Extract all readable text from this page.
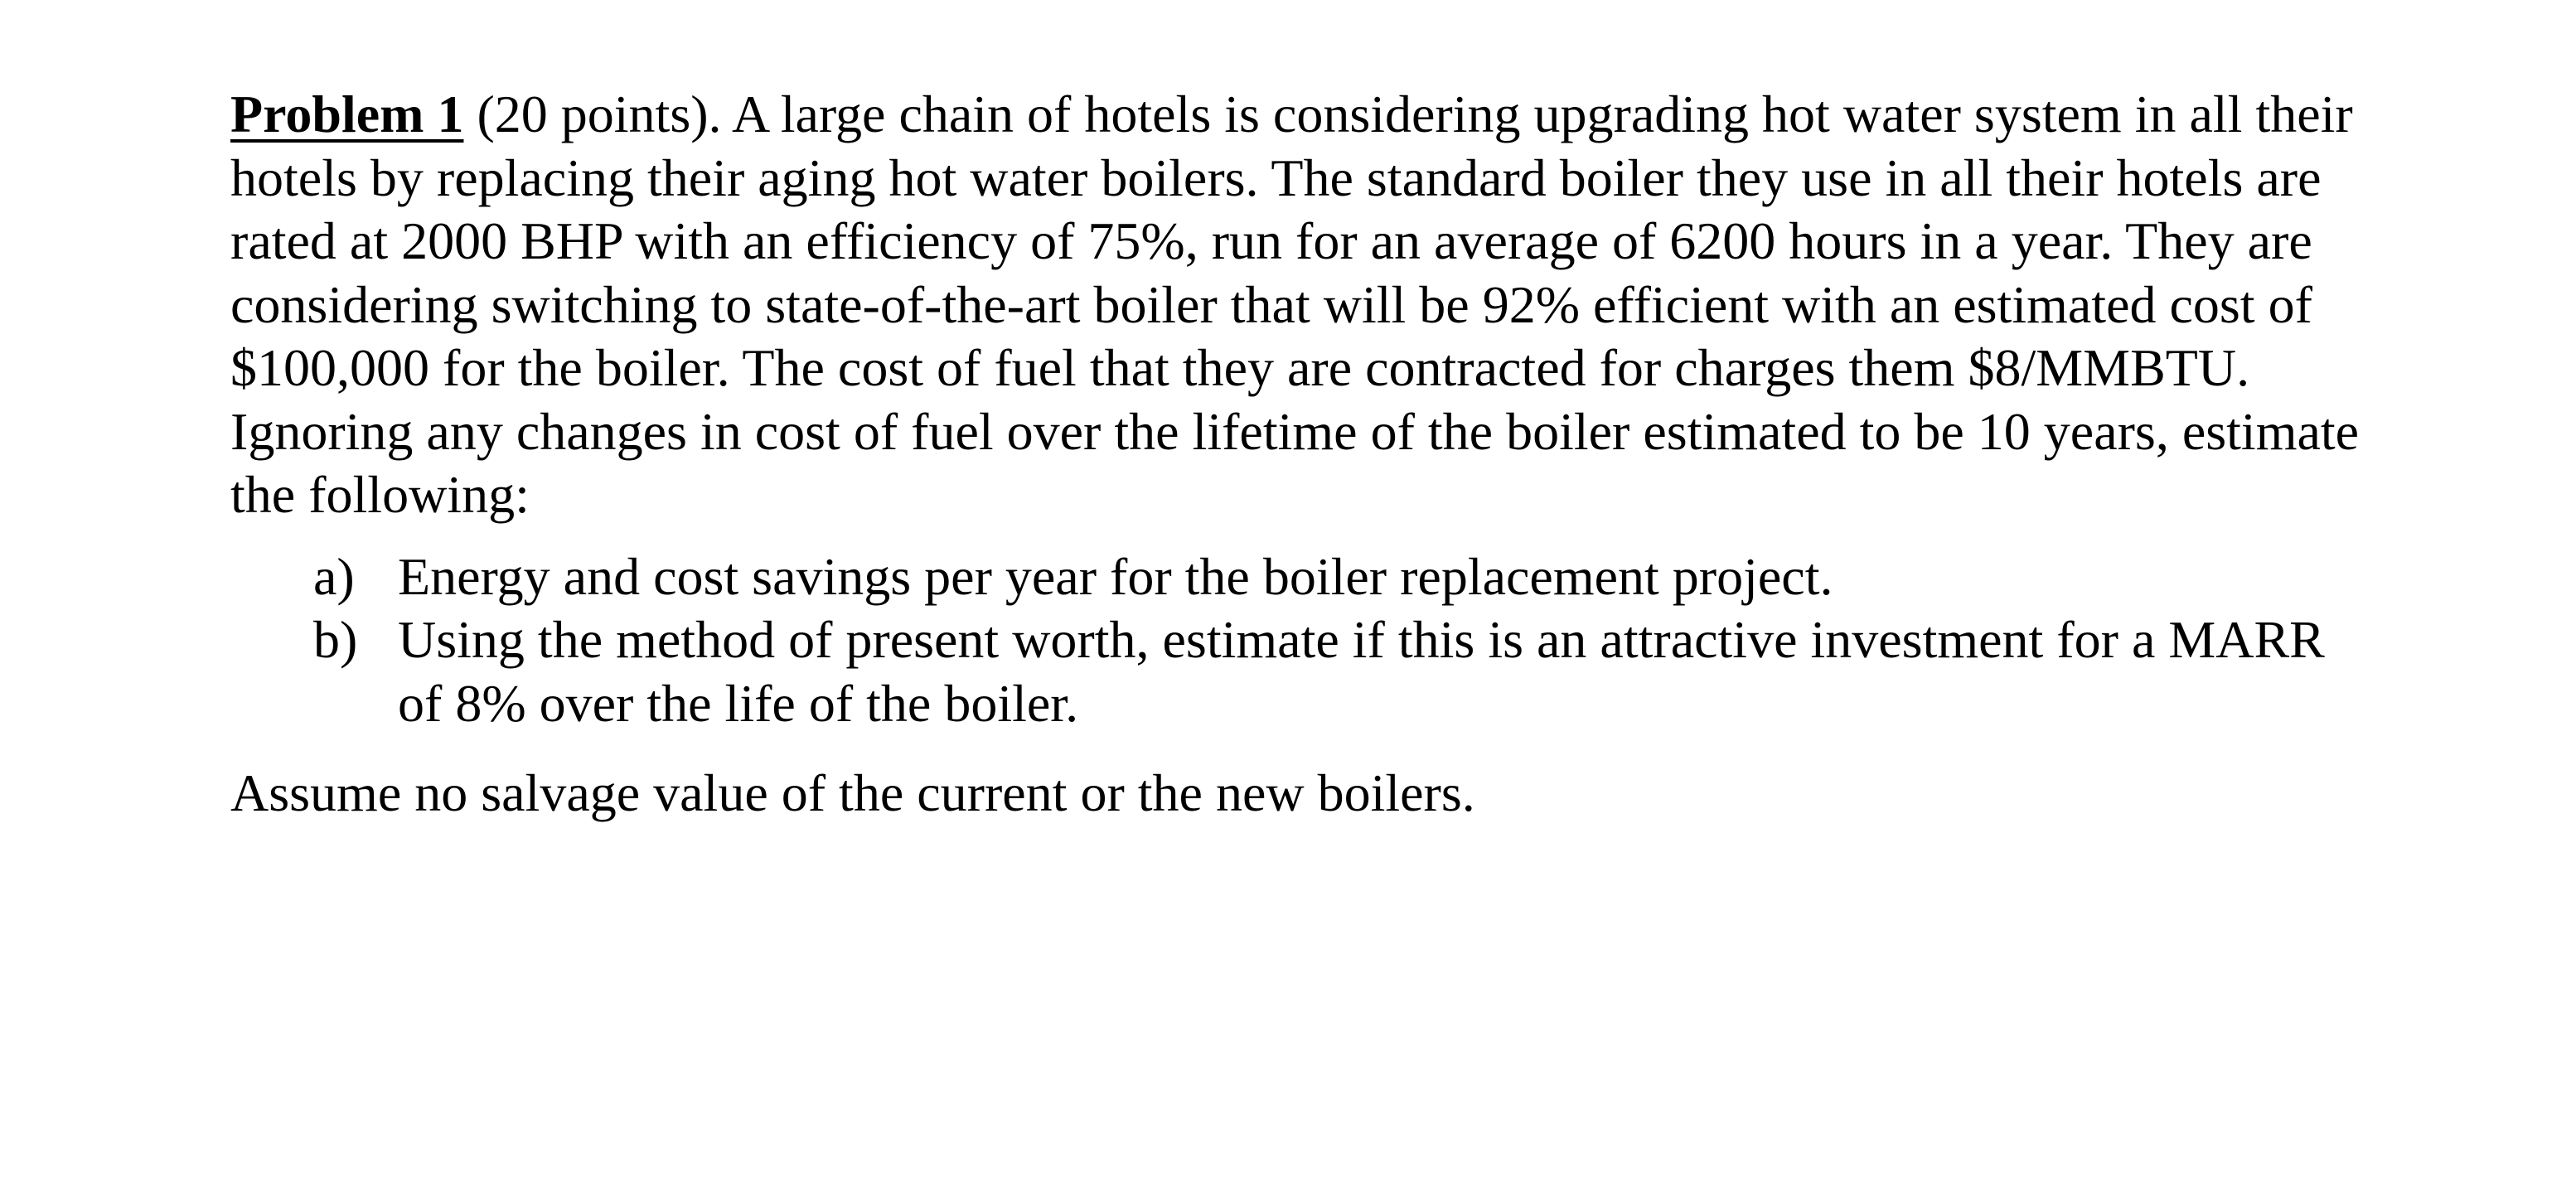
Problem 1 (20 points). A large chain of hotels is considering upgrading hot water system in all their hotels by replacing their aging hot water boilers. The standard boiler they use in all their hotels are rated at 2000 BHP with an efficiency of 75%, run for an average of 6200 hours in a year. They are considering switching to state-of-the-art boiler that will be 92% efficient with an estimated cost of $100,000 for the boiler. The cost of fuel that they are contracted for charges them $8/MMBTU. Ignoring any changes in cost of fuel over the lifetime of the boiler estimated to be 10 years, estimate the following:

a) Energy and cost savings per year for the boiler replacement project.
b) Using the method of present worth, estimate if this is an attractive investment for a MARR of 8% over the life of the boiler.

Assume no salvage value of the current or the new boilers.
